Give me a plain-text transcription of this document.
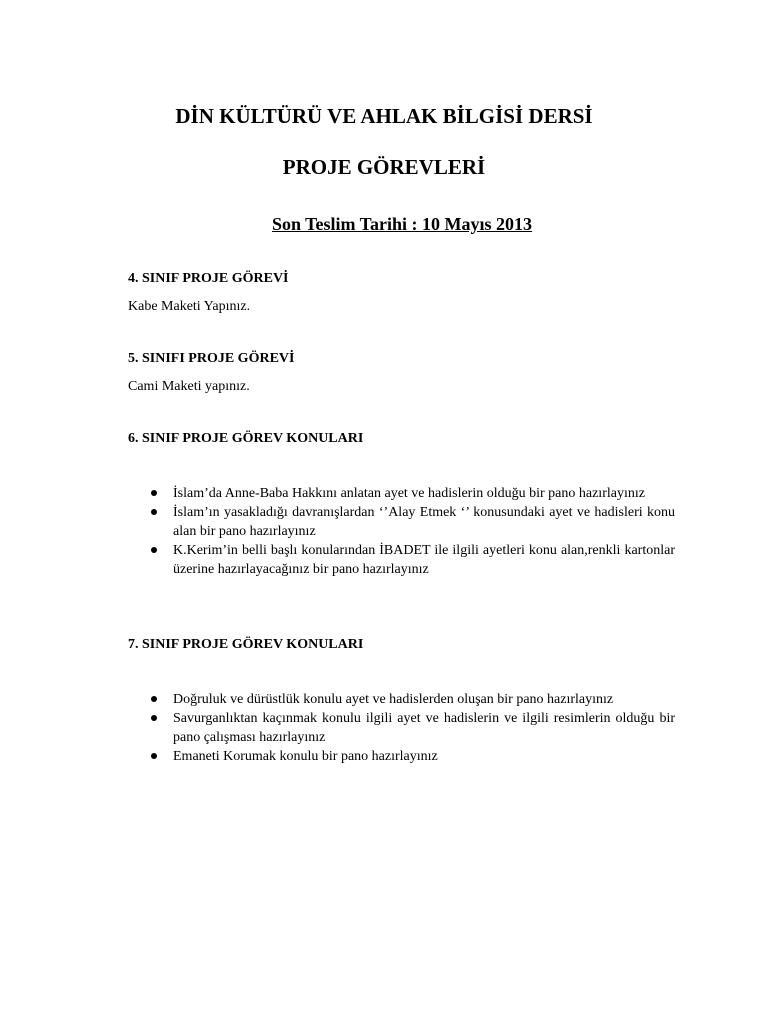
DİN KÜLTÜRÜ VE AHLAK BİLGİSİ DERSİ
PROJE GÖREVLERİ

Son Teslim Tarihi : 10 Mayıs 2013

4. SINIF PROJE GÖREVİ

Kabe Maketi Yapınız.

5. SINIFI PROJE GÖREVİ

Cami Maketi yapınız.

6. SINIF PROJE GÖREV KONULARI

İslam’da Anne-Baba Hakkını anlatan ayet ve hadislerin olduğu bir pano hazırlayınız
İslam’ın yasakladığı davranışlardan ‘’Alay Etmek ‘’ konusundaki ayet ve hadisleri konu alan bir pano hazırlayınız
K.Kerim’in belli başlı konularından İBADET ile ilgili ayetleri konu alan,renkli kartonlar üzerine hazırlayacağınız bir pano hazırlayınız

7. SINIF PROJE GÖREV KONULARI

Doğruluk ve dürüstlük konulu ayet ve hadislerden oluşan bir pano hazırlayınız
Savurganlıktan kaçınmak konulu ilgili ayet ve hadislerin ve ilgili resimlerin olduğu bir pano çalışması hazırlayınız
Emaneti Korumak konulu bir pano hazırlayınız
